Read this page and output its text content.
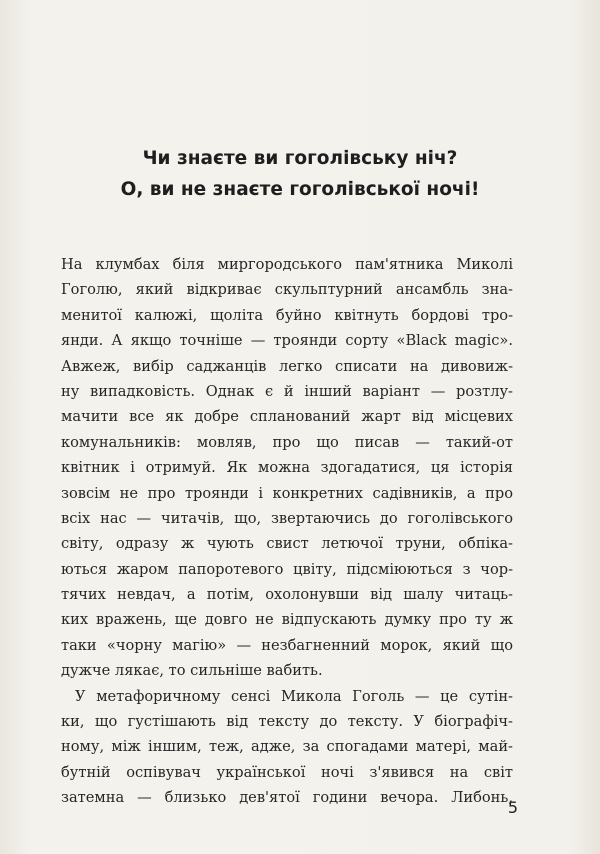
Чи знаєте ви гоголівську ніч?
О, ви не знаєте гоголівської ночі!
На клумбах біля миргородського пам'ятника Миколі
Гоголю, який відкриває скульптурний ансамбль зна-
менитої калюжі, щоліта буйно квітнуть бордові тро-
янди. А якщо точніше — троянди сорту «Black magic».
Авжеж, вибір саджанців легко списати на дивовиж-
ну випадковість. Однак є й інший варіант — розтлу-
мачити все як добре спланований жарт від місцевих
комунальників: мовляв, про що писав — такий-от
квітник і отримуй. Як можна здогадатися, ця історія
зовсім не про троянди і конкретних садівників, а про
всіх нас — читачів, що, звертаючись до гоголівського
світу, одразу ж чують свист летючої труни, обпіка-
ються жаром папоротевого цвіту, підсміюються з чор-
тячих невдач, а потім, охолонувши від шалу читаць-
ких вражень, ще довго не відпускають думку про ту ж
таки «чорну магію» — незбагненний морок, який що
дужче лякає, то сильніше вабить.
У метафоричному сенсі Микола Гоголь — це сутін-
ки, що густішають від тексту до тексту. У біографіч-
ному, між іншим, теж, адже, за спогадами матері, май-
бутній оспівувач української ночі з'явився на світ
затемна — близько дев'ятої години вечора. Либонь,
5
